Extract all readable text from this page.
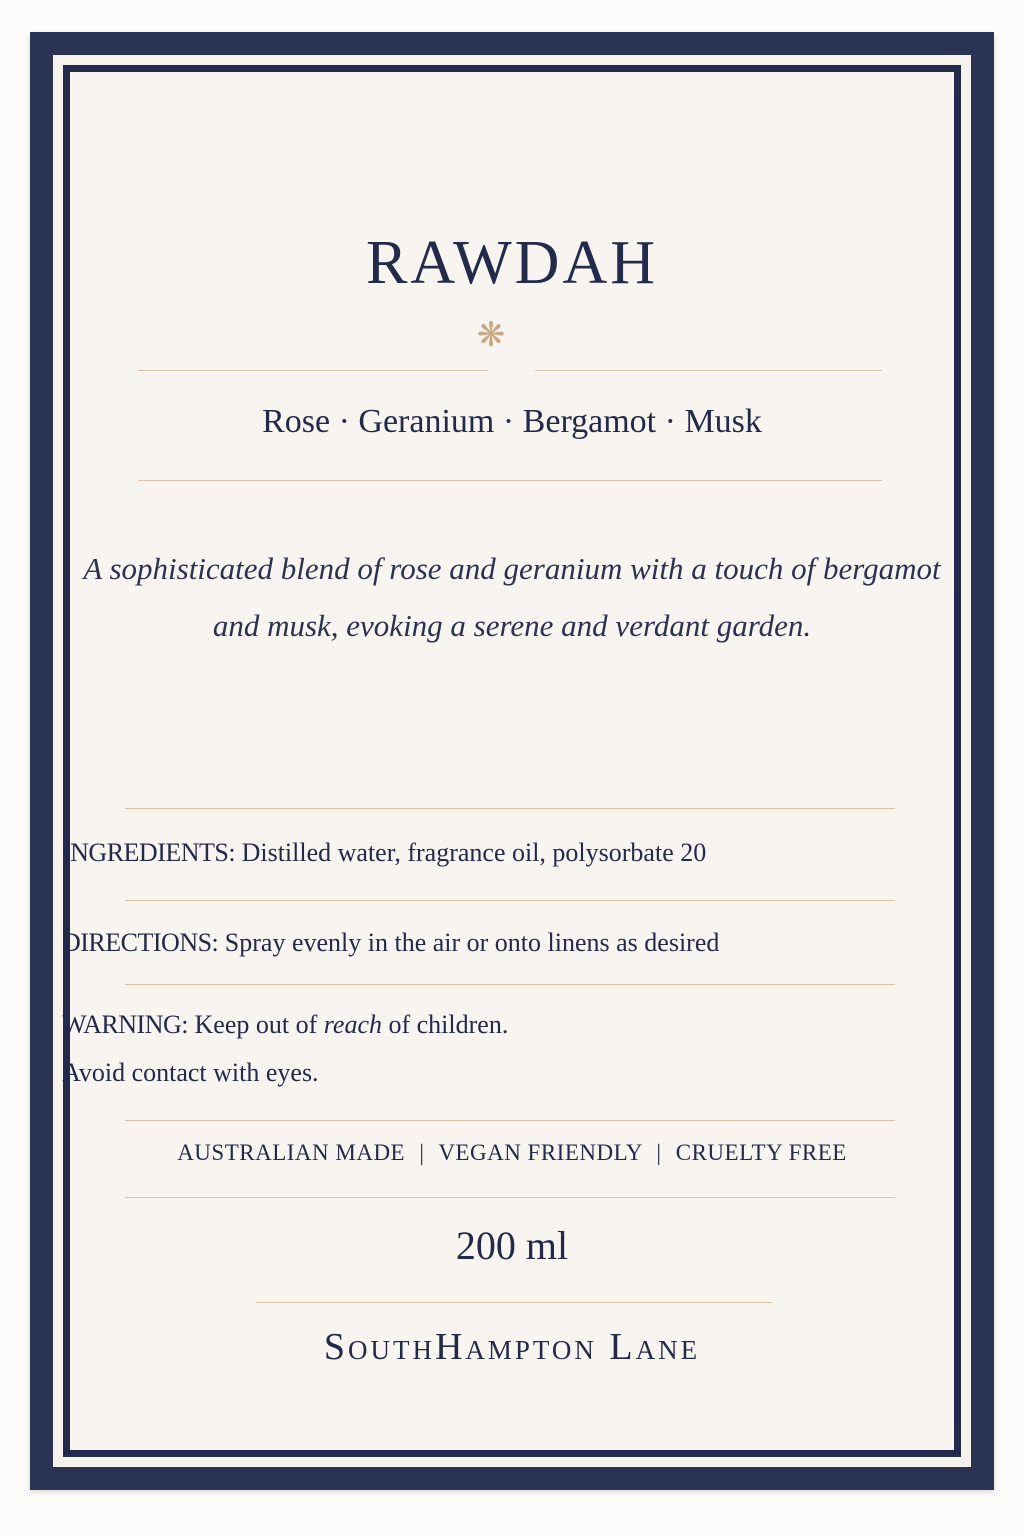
RAWDAH
❋
Rose · Geranium · Bergamot · Musk
A sophisticated blend of rose and geranium with a touch of bergamot and musk, evoking a serene and verdant garden.
INGREDIENTS: Distilled water, fragrance oil, polysorbate 20
DIRECTIONS: Spray evenly in the air or onto linens as desired
WARNING: Keep out of reach of children.
Avoid contact with eyes.
AUSTRALIAN MADE | VEGAN FRIENDLY | CRUELTY FREE
200 ml
SouthHampton Lane
